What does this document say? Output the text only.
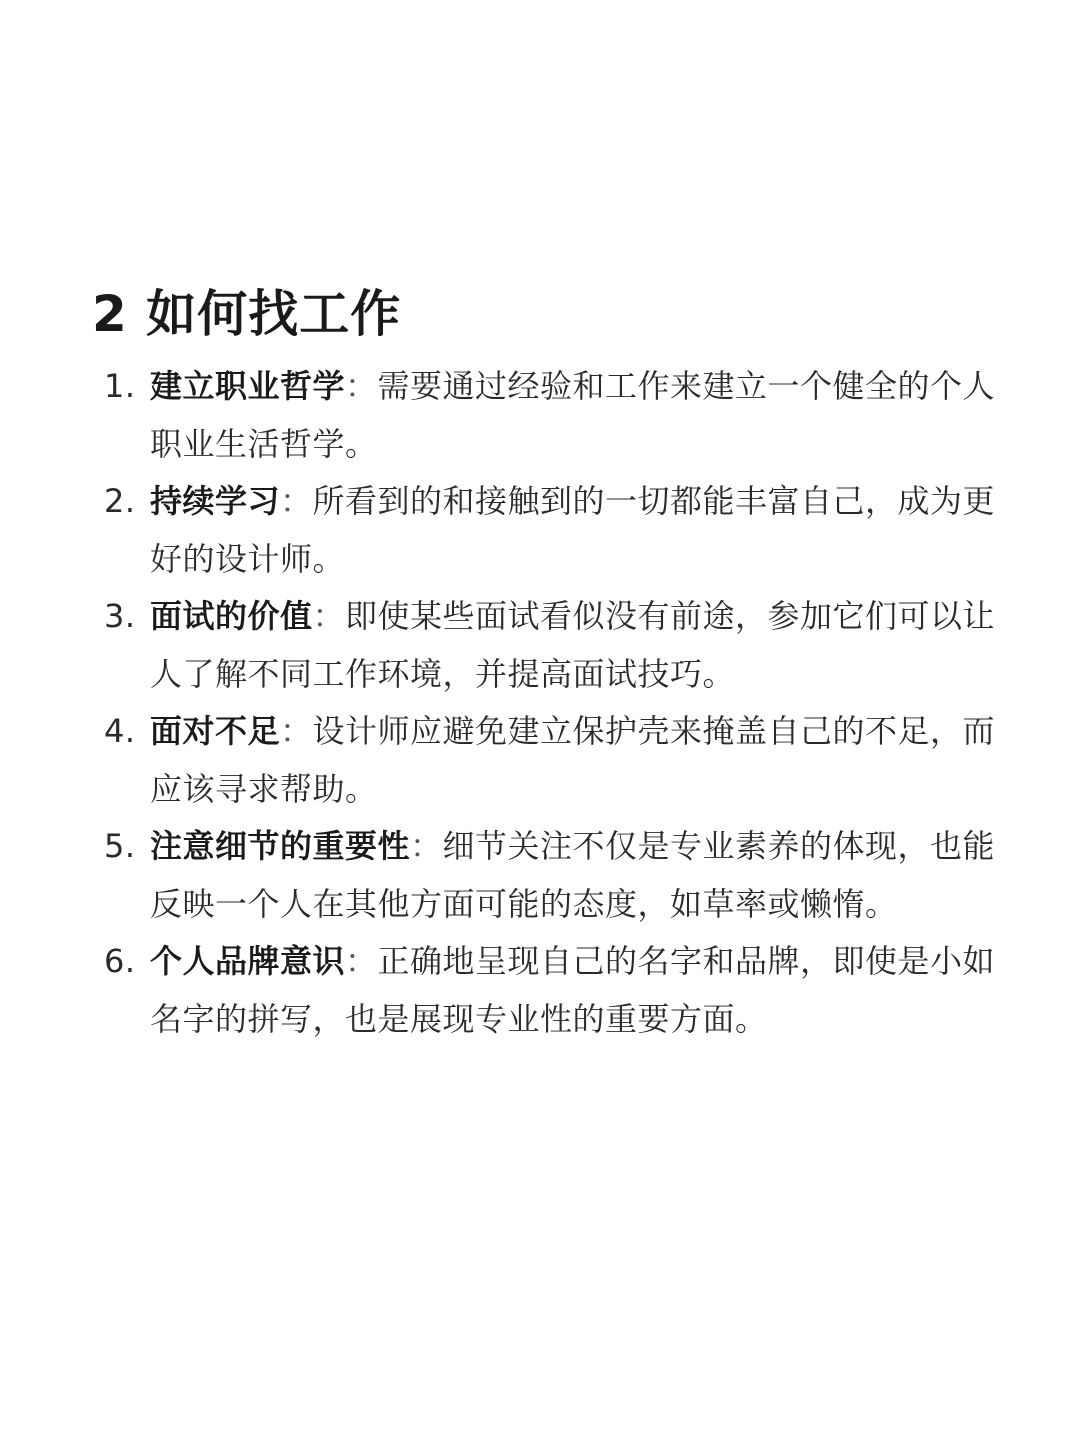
2 如何找工作
1. 建立职业哲学：需要通过经验和工作来建立一个健全的个人职业生活哲学。
2. 持续学习：所看到的和接触到的一切都能丰富自己，成为更好的设计师。
3. 面试的价值：即使某些面试看似没有前途，参加它们可以让人了解不同工作环境，并提高面试技巧。
4. 面对不足：设计师应避免建立保护壳来掩盖自己的不足，而应该寻求帮助。
5. 注意细节的重要性：细节关注不仅是专业素养的体现，也能反映一个人在其他方面可能的态度，如草率或懒惰。
6. 个人品牌意识：正确地呈现自己的名字和品牌，即使是小如名字的拼写，也是展现专业性的重要方面。
